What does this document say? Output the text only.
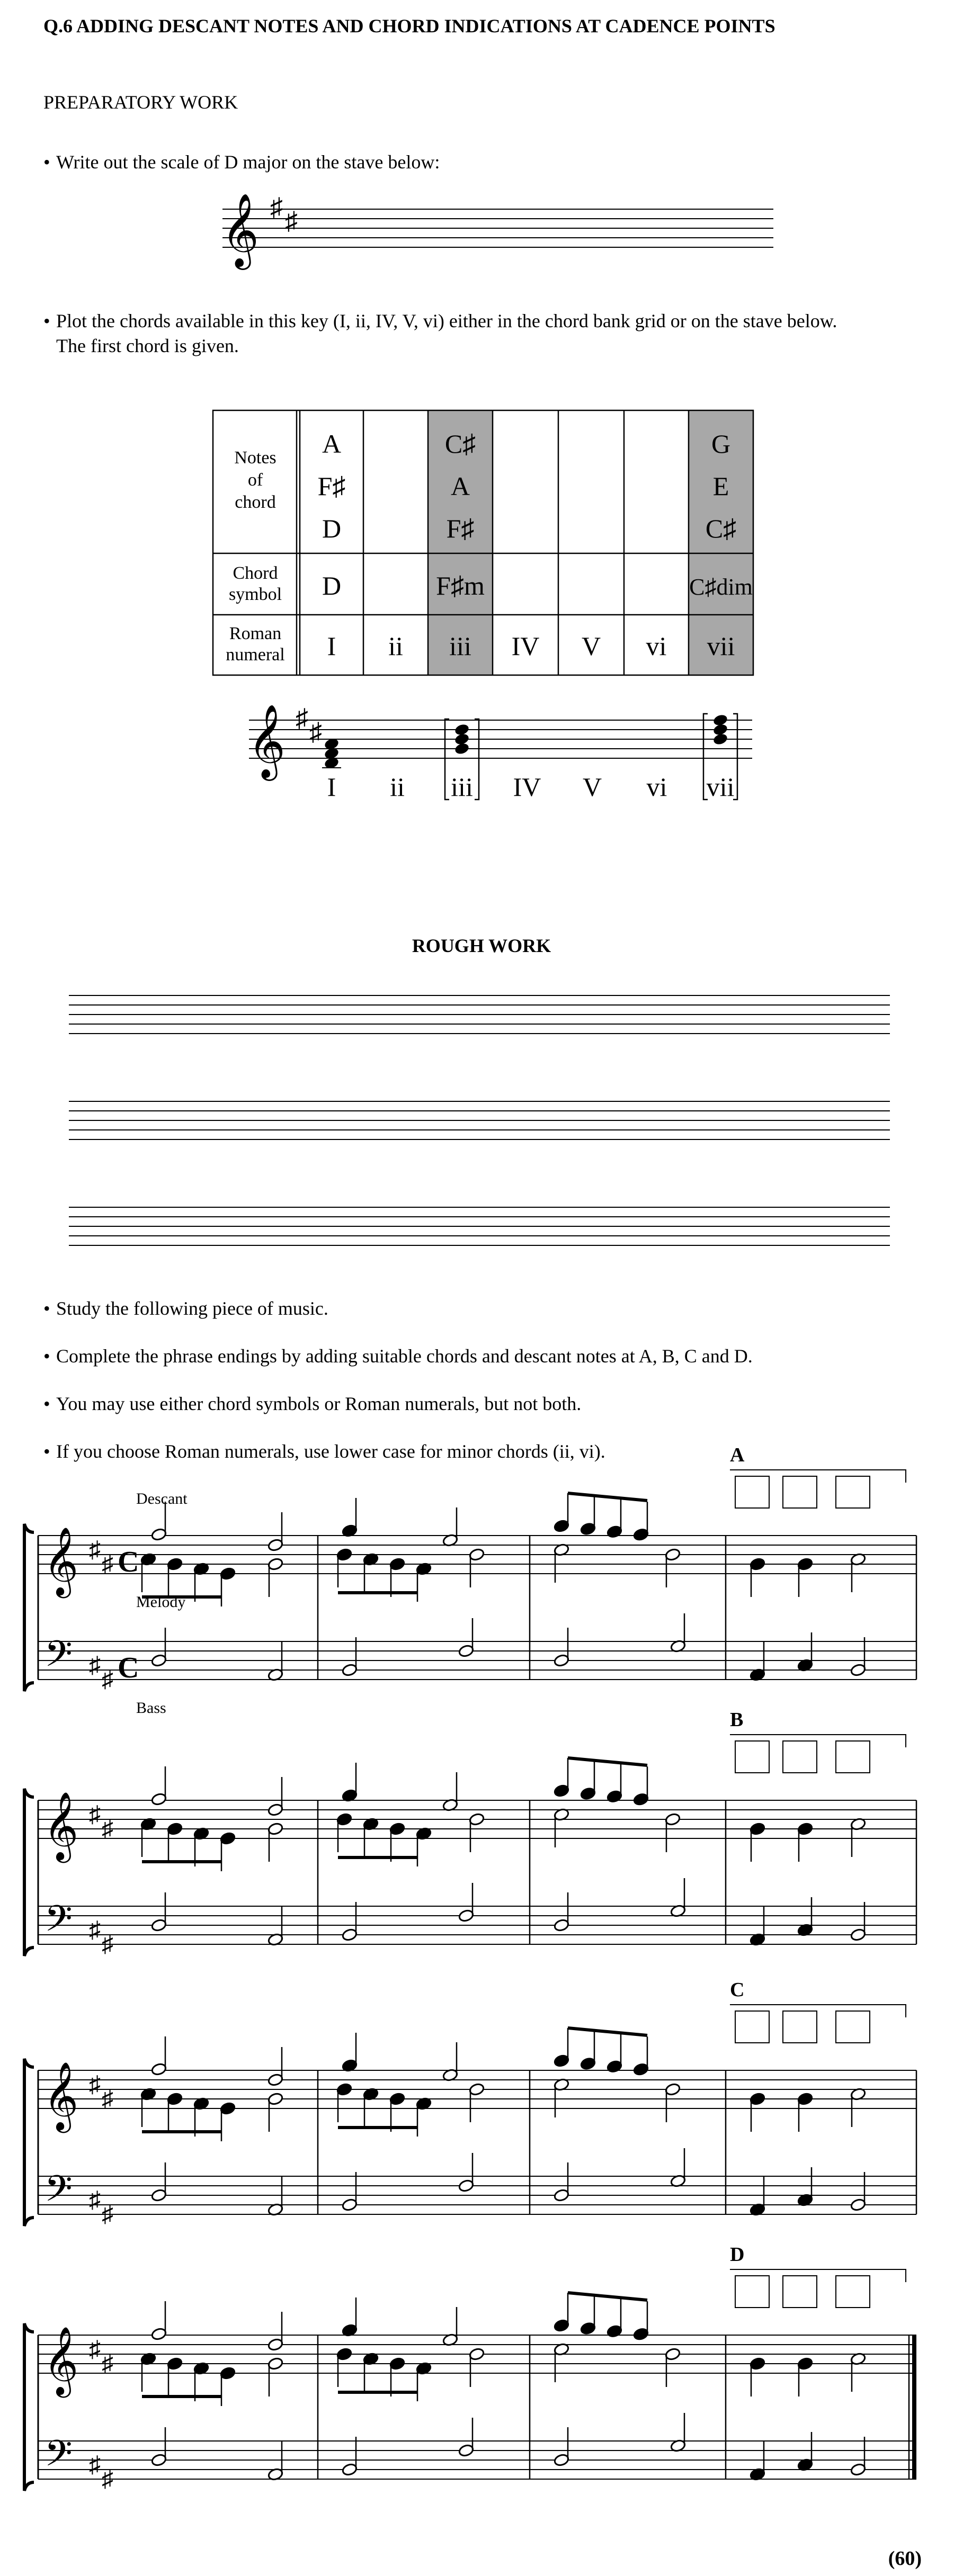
Q.6 ADDING DESCANT NOTES AND CHORD INDICATIONS AT CADENCE POINTS
PREPARATORY WORK
• Write out the scale of D major on the stave below:
𝄞 ♯ ♯
• Plot the chords available in this key (I, ii, IV, V, vi) either in the chord bank grid or on the stave below.
The first chord is given.
Notes
of
chord
Chord
symbol
Roman
numeral
A
F♯
D
D
I ii
C♯
A
F♯
F♯m
iii IV V vi
G
E
C♯
vii
C♯dim
𝄞 ♯ ♯
I ii iii IV V vi vii
ROUGH WORK
• Study the following piece of music.
• Complete the phrase endings by adding suitable chords and descant notes at A, B, C and D.
• You may use either chord symbols or Roman numerals, but not both.
• If you choose Roman numerals, use lower case for minor chords (ii, vi).
𝄞
𝄢
♯
♯
♯
♯
C
C
Descant
Melody
Bass
A
𝄞
𝄢
♯
♯
♯
♯
B
𝄞
𝄢
♯
♯
♯
♯
C
𝄞
𝄢
♯
♯
♯
♯
D
(60)
